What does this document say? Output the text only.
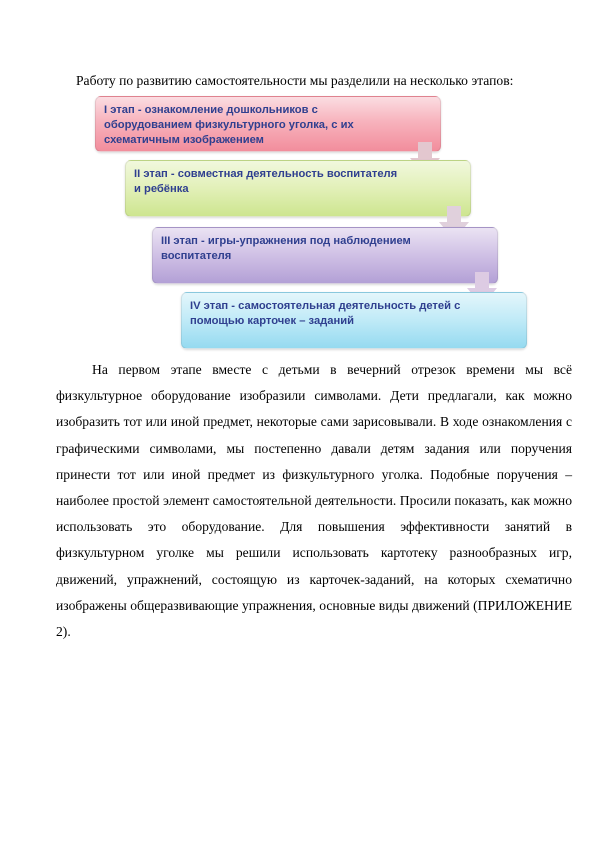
Работу по развитию самостоятельности мы разделили на несколько этапов:
I этап - ознакомление дошкольников с
оборудованием физкультурного уголка, с их
схематичным изображением
II этап - совместная деятельность воспитателя
и ребёнка
III этап - игры-упражнения под наблюдением
воспитателя
IV этап - самостоятельная деятельность детей с
помощью карточек – заданий
На первом этапе вместе с детьми в вечерний отрезок времени мы всё физкультурное оборудование изобразили символами. Дети предлагали, как можно изобразить тот или иной предмет, некоторые сами зарисовывали. В ходе ознакомления с графическими символами, мы постепенно давали детям задания или поручения принести тот или иной предмет из физкультурного уголка. Подобные поручения – наиболее простой элемент самостоятельной деятельности. Просили показать, как можно использовать это оборудование. Для повышения эффективности занятий в физкультурном уголке мы решили использовать картотеку разнообразных игр, движений, упражнений, состоящую из карточек-заданий, на которых схематично изображены общеразвивающие упражнения, основные виды движений (ПРИЛОЖЕНИЕ 2).
